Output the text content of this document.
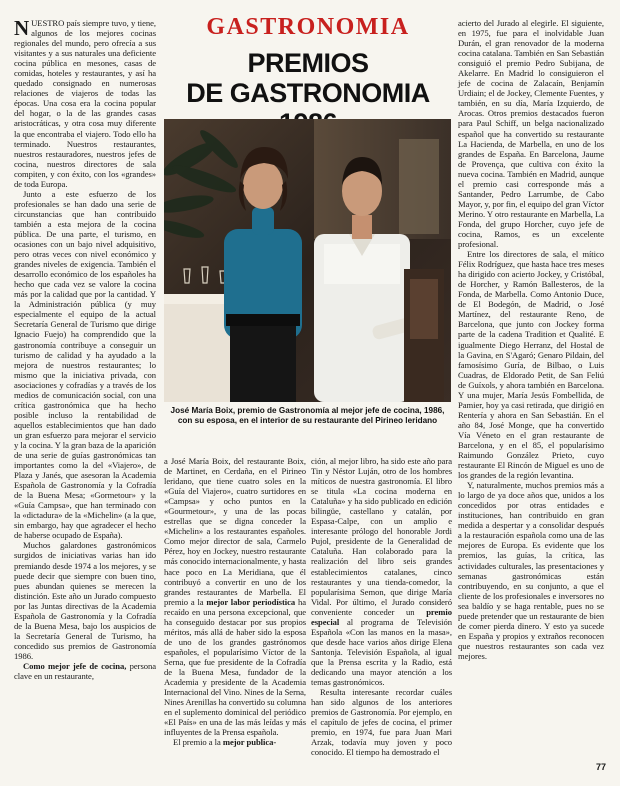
NUESTRO país siempre tuvo, y tiene, algunos de los mejores cocinas regionales del mundo, pero ofrecía a sus visitantes y a sus naturales una deficiente cocina pública en mesones, casas de comidas, hoteles y restaurantes, y así ha quedado consignado en numerosas relaciones de viajeros de todas las épocas. Una cosa era la cocina popular del hogar, o la de las grandes casas aristocráticas, y otra cosa muy diferente la que encontraba el viajero. Todo ello ha terminado. Nuestros restaurantes, nuestros restauradores, nuestros jefes de cocina, nuestros directores de sala compiten, y con éxito, con los «grandes» de toda Europa.

Junto a este esfuerzo de los profesionales se han dado una serie de circunstancias que han contribuido también a esta mejora de la cocina pública. De una parte, el turismo, en ocasiones con un bajo nivel adquisitivo, pero otras veces con nivel económico y grandes niveles de exigencia. También el desarrollo económico de los españoles ha hecho que cada vez se valore la cocina más por la calidad que por la cantidad. Y la Administración pública (y muy especialmente el equipo de la actual Secretaría General de Turismo que dirige Ignacio Fuejo) ha comprendido que la gastronomía contribuye a conseguir un turismo de calidad y ha ayudado a la mejora de nuestros restaurantes; lo mismo que la iniciativa privada, con asociaciones y cofradías y a través de los medios de comunicación social, con una crítica gastronómica que ha hecho posible incluso la rentabilidad de aquellos establecimientos que han dado un gran esfuerzo para mejorar el servicio y la cocina. Y la gran baza de la aparición de una serie de guías gastronómicas tan importantes como la del «Viajero», de Plaza y Janés, que asesoran la Academia Española de Gastronomía y la Cofradía de la Buena Mesa; «Gormetour» y la «Guía Campsa», que han terminado con la «dictadura» de la «Michelin» (a la que, sin embargo, hay que agradecer el hecho de haberse ocupado de España).

Muchos galardones gastronómicos surgidos de iniciativas varias han ido premiando desde 1974 a los mejores, y se puede decir que siempre con buen tino, pues abundan quienes se merecen la distinción. Este año un Jurado compuesto por las Juntas directivas de la Academia Española de Gastronomía y la Cofradía de la Buena Mesa, bajo los auspicios de la Secretaría General de Turismo, ha concedido sus premios de Gastronomía 1986.

Como mejor jefe de cocina, persona clave en un restaurante,

GASTRONOMIA
PREMIOS
DE GASTRONOMIA
José María Boix, premio de Gastronomía al mejor jefe de cocina, 1986, con su esposa, en el interior de su restaurante del Pirineo leridano

a José María Boix, del restaurante Boix, de Martinet, en Cerdaña, en el Pirineo leridano, que tiene cuatro soles en la «Guía del Viajero», cuatro surtidores en «Campsa» y ocho puntos en la «Gourmetour», y una de las pocas estrellas que se digna conceder la «Michelin» a los restaurantes españoles. Como mejor director de sala, Carmelo Pérez, hoy en Jockey, nuestro restaurante más conocido internacionalmente, y hasta hace poco en La Meridiana, que él contribuyó a convertir en uno de los grandes restaurantes de Marbella. El premio a la mejor labor periodística ha recaído en una persona excepcional, que ha conseguido destacar por sus propios méritos, más allá de haber sido la esposa de uno de los grandes gastrónomos españoles, el popularísimo Víctor de la Serna, que fue presidente de la Cofradía de la Buena Mesa, fundador de la Academia y presidente de la Academia Internacional del Vino. Nines de la Serna, Nines Arenillas ha convertido su columna en el suplemento dominical del periódico «El País» en una de las más leídas y más influyentes de la Prensa española.

El premio a la mejor publica-

ción, al mejor libro, ha sido este año para Tin y Néstor Luján, otro de los hombres míticos de nuestra gastronomía. El libro se titula «La cocina moderna en Cataluña» y ha sido publicado en edición bilingüe, castellano y catalán, por Espasa-Calpe, con un amplio e interesante prólogo del honorable Jordi Pujol, presidente de la Generalidad de Cataluña. Han colaborado para la realización del libro seis grandes establecimientos catalanes, cinco restaurantes y una tienda-comedor, la popularísima Semon, que dirige María Vidal. Por último, el Jurado consideró conveniente conceder un premio especial al programa de Televisión Española «Con las manos en la masa», que desde hace varios años dirige Elena Santonja. Televisión Española, al igual que la Prensa escrita y la Radio, está dedicando una mayor atención a los temas gastronómicos.

Resulta interesante recordar cuáles han sido algunos de los anteriores premios de Gastronomía. Por ejemplo, en el capítulo de jefes de cocina, el primer premio, en 1974, fue para Juan Mari Arzak, todavía muy joven y poco conocido. El tiempo ha demostrado el

acierto del Jurado al elegirle. El siguiente, en 1975, fue para el inolvidable Juan Durán, el gran renovador de la moderna cocina catalana. También en San Sebastián consiguió el premio Pedro Subijana, de Akelarre. En Madrid lo consiguieron el jefe de cocina de Zalacaín, Benjamín Urdiain; el de Jockey, Clemente Fuentes, y también, en su día, María Izquierdo, de Arocas. Otros premios destacados fueron para Paul Schiff, un belga nacionalizado español que ha convertido su restaurante La Hacienda, de Marbella, en uno de los grandes de España. En Barcelona, Jaume de Provença, que cultiva con éxito la nueva cocina. También en Madrid, aunque el premio casi corresponde más a Santander, Pedro Larrumbe, de Cabo Mayor, y, por fin, el equipo del gran Víctor Merino. Y otro restaurante en Marbella, La Fonda, del grupo Horcher, cuyo jefe de cocina, Ramos, es un excelente profesional.

Entre los directores de sala, el mítico Félix Rodríguez, que hasta hace tres meses ha dirigido con acierto Jockey, y Cristóbal, de Horcher, y Ramón Ballesteros, de la Fonda, de Marbella. Como Antonio Duce, de El Bodegón, de Madrid, o José Martínez, del restaurante Reno, de Barcelona, que junto con Jockey forma parte de la cadena Tradition et Qualité. E igualmente Diego Herranz, del Hostal de la Gavina, en S'Agaró; Genaro Pildain, del famosísimo Guría, de Bilbao, o Luis Cuadras, de Eldorado Petit, de San Feliú de Guíxols, y ahora también en Barcelona. Y una mujer, María Jesús Fombellida, de Pamier, hoy ya casi retirada, que dirigió en Rentería y ahora en San Sebastián. En el año 84, José Monge, que ha convertido Vía Véneto en el gran restaurante de Barcelona, y en el 85, el popularísimo Raimundo González Prieto, cuyo restaurante El Rincón de Miguel es uno de los grandes de la región levantina.

Y, naturalmente, muchos premios más a lo largo de ya doce años que, unidos a los concedidos por otras entidades e instituciones, han contribuido en gran medida a despertar y a consolidar después a la restauración española como una de las mejores de Europa. Es evidente que los premios, las guías, la crítica, las actividades culturales, las presentaciones y semanas gastronómicas están contribuyendo, en su conjunto, a que el cliente de los profesionales e inversores no sea baldío y se haga rentable, pues no se puede pretender que un restaurante de bien de comer pierda dinero. Y esto ya sucede en España y propios y extraños reconocen que nuestros restaurantes son cada vez mejores.

77
